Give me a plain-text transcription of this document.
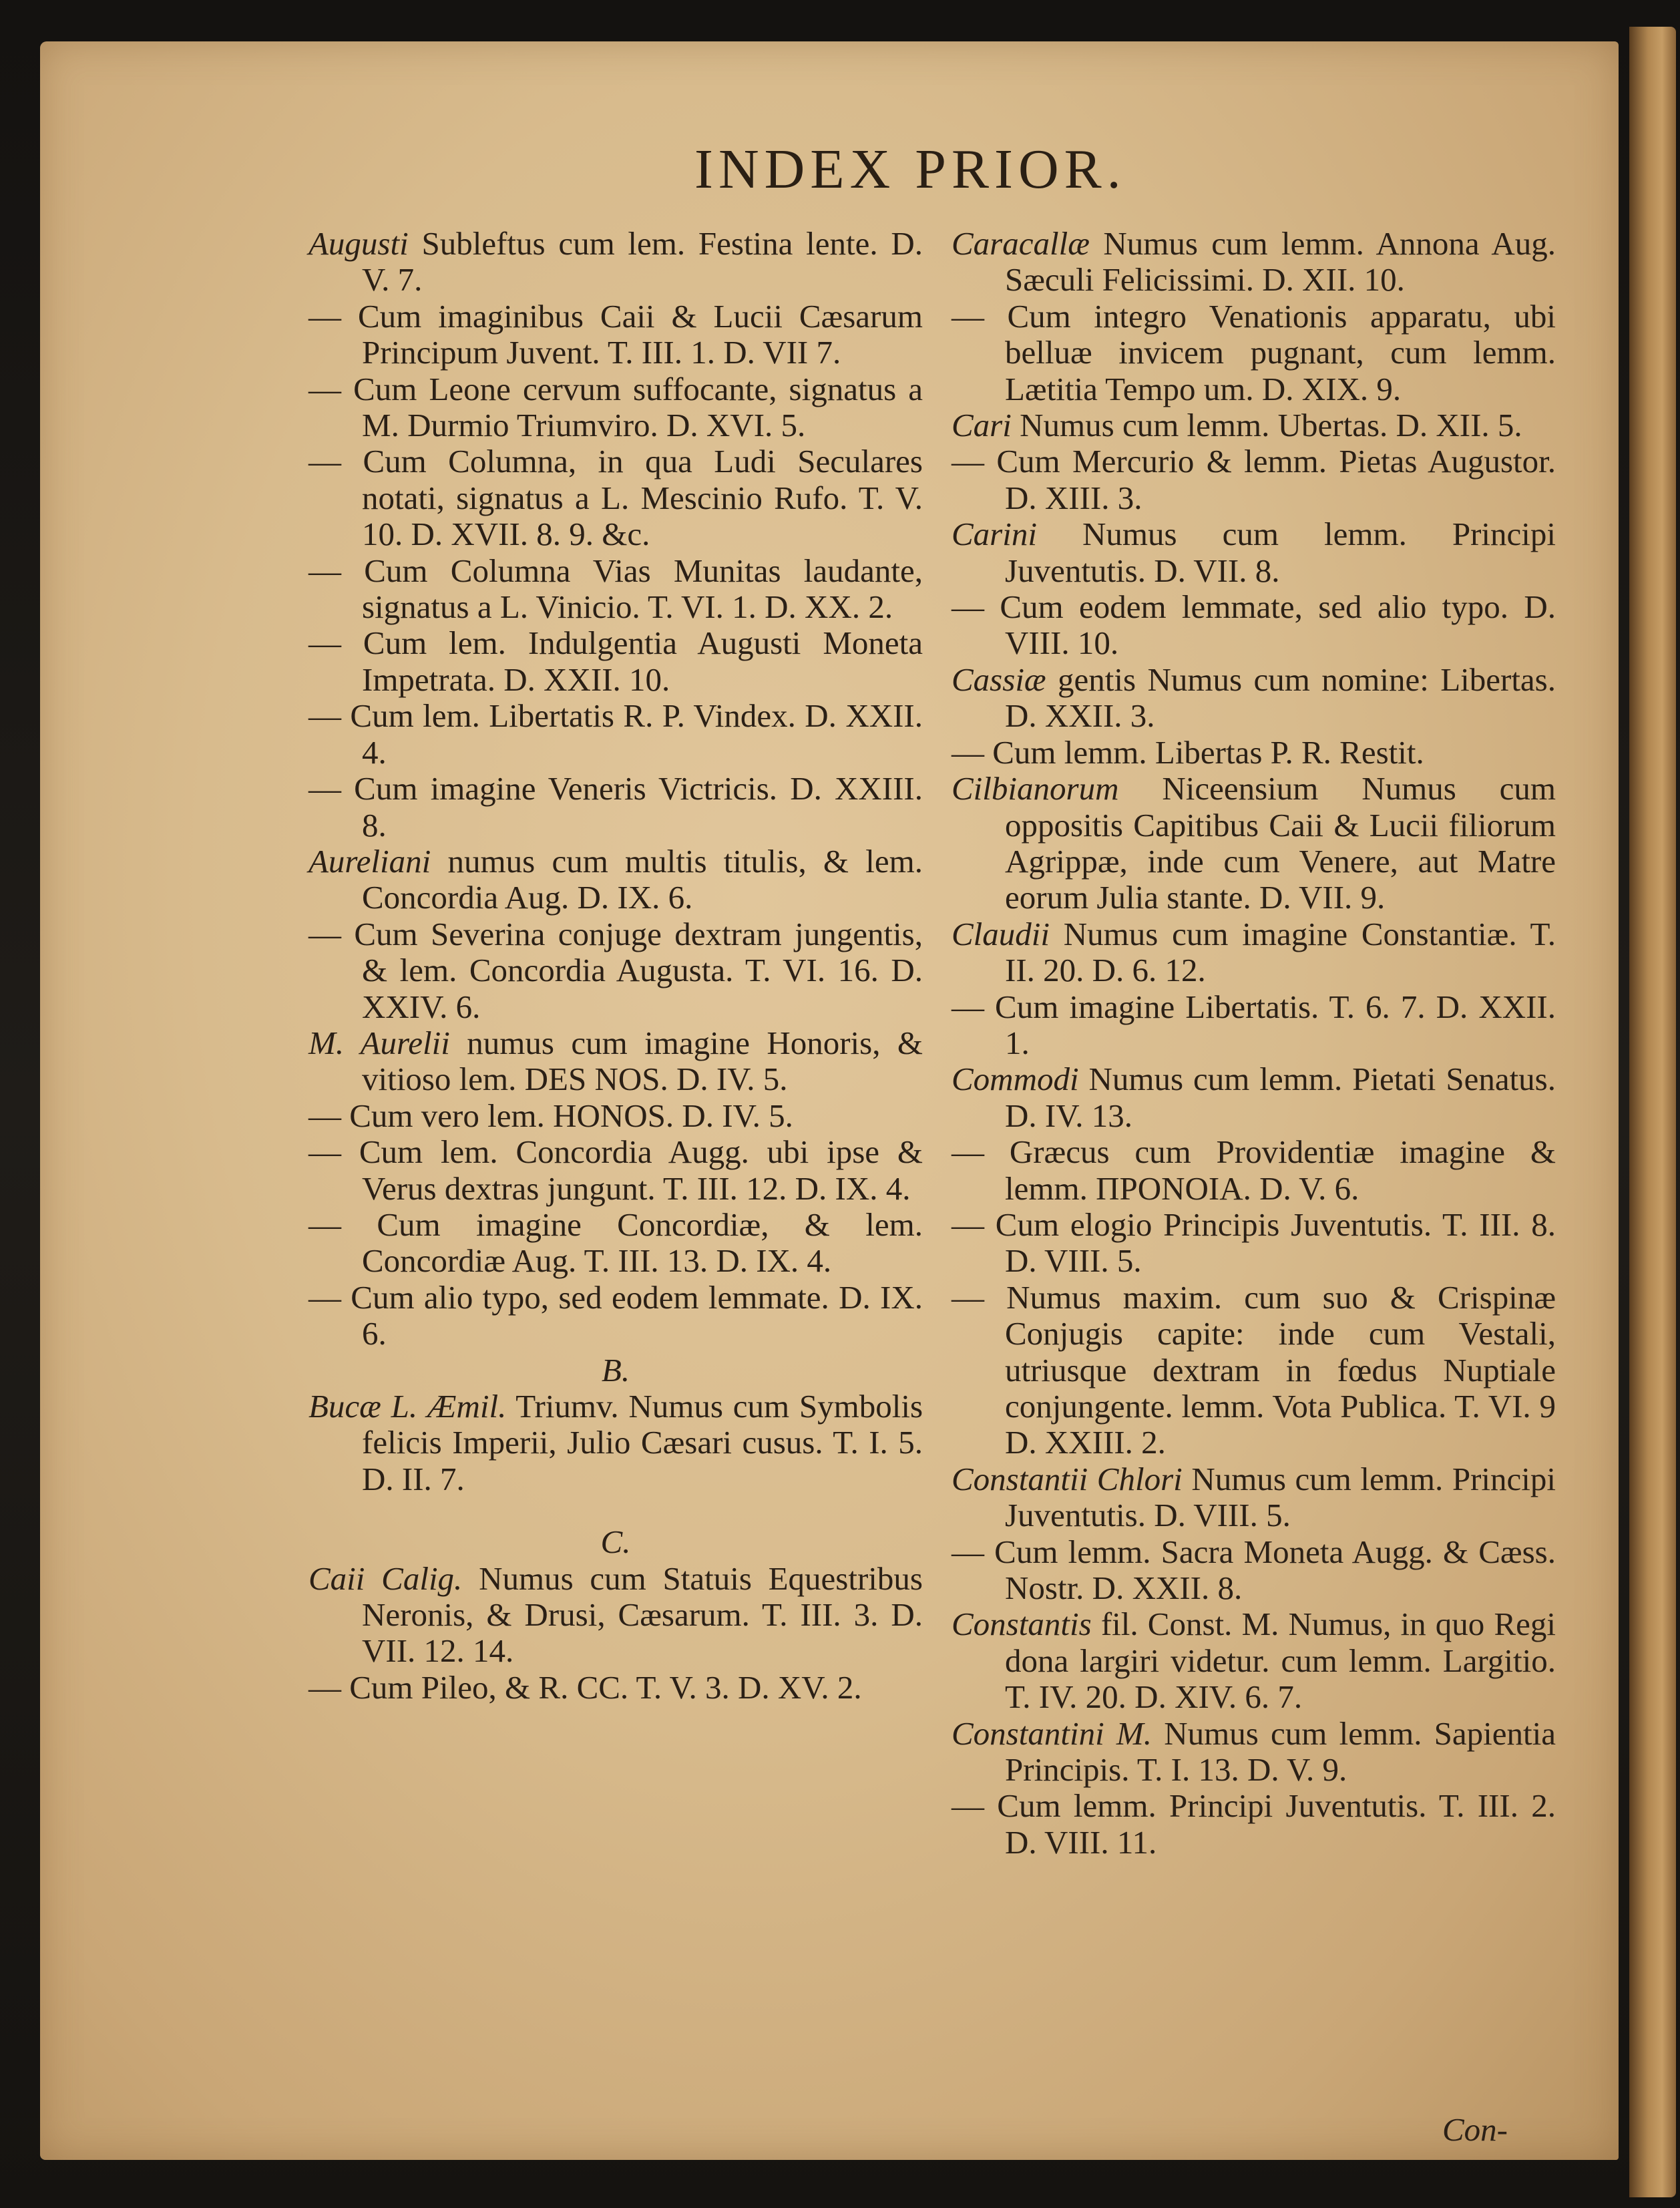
INDEX PRIOR.

Augusti Subleftus cum lem. Festina lente. D. V. 7.

— Cum imaginibus Caii & Lucii Cæsarum Principum Juvent. T. III. 1. D. VII 7.

— Cum Leone cervum suffocante, signatus a M. Durmio Triumviro. D. XVI. 5.

— Cum Columna, in qua Ludi Seculares notati, signatus a L. Mescinio Rufo. T. V. 10. D. XVII. 8. 9. &c.

— Cum Columna Vias Munitas laudante, signatus a L. Vinicio. T. VI. 1. D. XX. 2.

— Cum lem. Indulgentia Augusti Moneta Impetrata. D. XXII. 10.

— Cum lem. Libertatis R. P. Vindex. D. XXII. 4.

— Cum imagine Veneris Victricis. D. XXIII. 8.

Aureliani numus cum multis titulis, & lem. Concordia Aug. D. IX. 6.

— Cum Severina conjuge dextram jungentis, & lem. Concordia Augusta. T. VI. 16. D. XXIV. 6.

M. Aurelii numus cum imagine Honoris, & vitioso lem. DES NOS. D. IV. 5.

— Cum vero lem. HONOS. D. IV. 5.

— Cum lem. Concordia Augg. ubi ipse & Verus dextras jungunt. T. III. 12. D. IX. 4.

— Cum imagine Concordiæ, & lem. Concordiæ Aug. T. III. 13. D. IX. 4.

— Cum alio typo, sed eodem lemmate. D. IX. 6.

B.

Bucæ L. Æmil. Triumv. Numus cum Symbolis felicis Imperii, Julio Cæsari cusus. T. I. 5. D. II. 7.

C.

Caii Calig. Numus cum Statuis Equestribus Neronis, & Drusi, Cæsarum. T. III. 3. D. VII. 12. 14.

— Cum Pileo, & R. CC. T. V. 3. D. XV. 2.

Caracallæ Numus cum lemm. Annona Aug. Sæculi Felicissimi. D. XII. 10.

— Cum integro Venationis apparatu, ubi belluæ invicem pugnant, cum lemm. Lætitia Tempo um. D. XIX. 9.

Cari Numus cum lemm. Ubertas. D. XII. 5.

— Cum Mercurio & lemm. Pietas Augustor. D. XIII. 3.

Carini Numus cum lemm. Principi Juventutis. D. VII. 8.

— Cum eodem lemmate, sed alio typo. D. VIII. 10.

Cassiæ gentis Numus cum nomine: Libertas. D. XXII. 3.

— Cum lemm. Libertas P. R. Restit.

Cilbianorum Niceensium Numus cum oppositis Capitibus Caii & Lucii filiorum Agrippæ, inde cum Venere, aut Matre eorum Julia stante. D. VII. 9.

Claudii Numus cum imagine Constantiæ. T. II. 20. D. 6. 12.

— Cum imagine Libertatis. T. 6. 7. D. XXII. 1.

Commodi Numus cum lemm. Pietati Senatus. D. IV. 13.

— Græcus cum Providentiæ imagine & lemm. ΠΡΟΝΟΙΑ. D. V. 6.

— Cum elogio Principis Juventutis. T. III. 8. D. VIII. 5.

— Numus maxim. cum suo & Crispinæ Conjugis capite: inde cum Vestali, utriusque dextram in fœdus Nuptiale conjungente. lemm. Vota Publica. T. VI. 9 D. XXIII. 2.

Constantii Chlori Numus cum lemm. Principi Juventutis. D. VIII. 5.

— Cum lemm. Sacra Moneta Augg. & Cæss. Nostr. D. XXII. 8.

Constantis fil. Const. M. Numus, in quo Regi dona largiri videtur. cum lemm. Largitio. T. IV. 20. D. XIV. 6. 7.

Constantini M. Numus cum lemm. Sapientia Principis. T. I. 13. D. V. 9.

— Cum lemm. Principi Juventutis. T. III. 2. D. VIII. 11.

Con-
